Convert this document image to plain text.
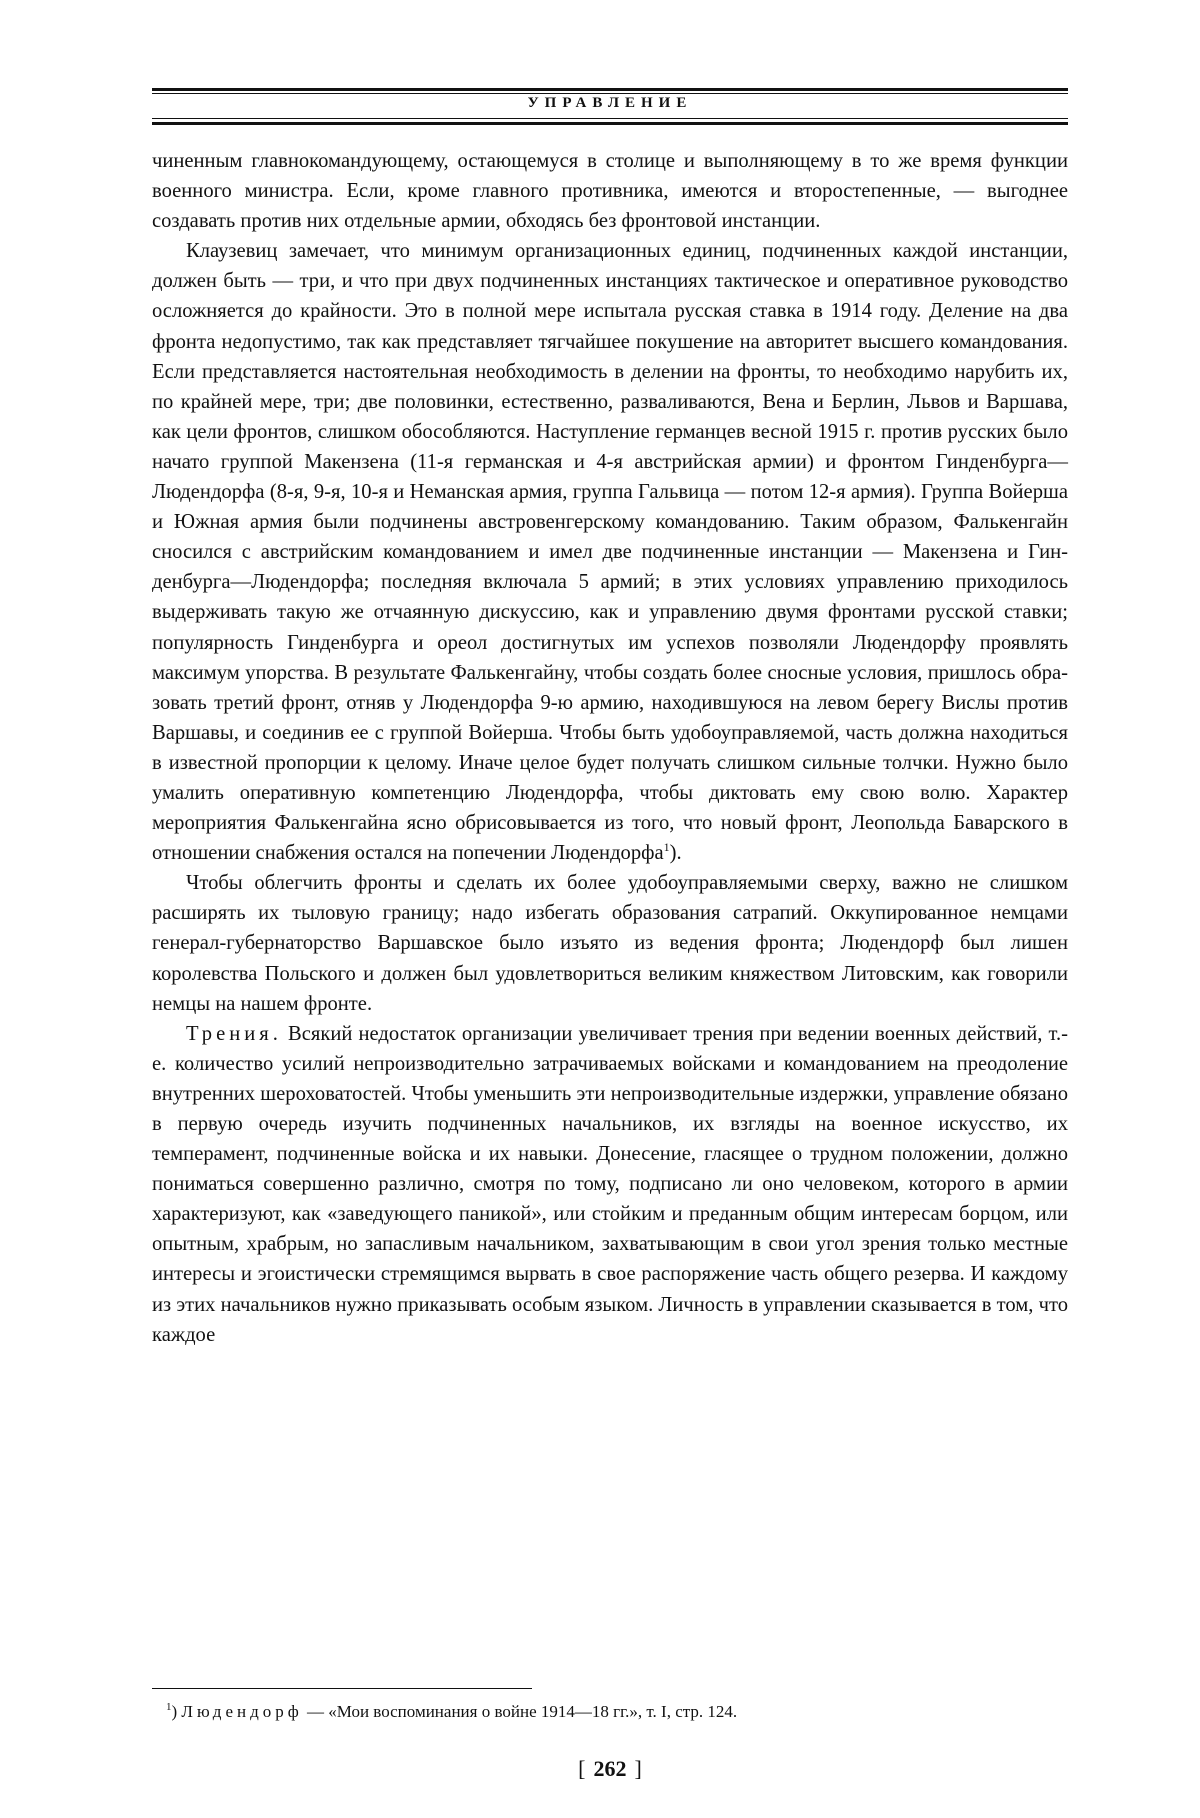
УПРАВЛЕНИЕ

чиненным главнокомандующему, остающемуся в столице и выполняющему в то же время функции военного министра. Если, кроме главного противника, имеются и второстепенные, — выгоднее создавать против них отдельные армии, обходясь без фронтовой инстанции.

Клаузевиц замечает, что минимум организационных единиц, подчиненных каждой инстанции, должен быть — три, и что при двух подчиненных инстанциях тактическое и оперативное руководство осложняется до крайности. Это в полной мере испытала русская ставка в 1914 году. Деление на два фронта недопустимо, так как представляет тягчайшее покушение на авторитет высшего командования. Если представляется настоятельная необходимость в делении на фронты, то необходимо нарубить их, по крайней мере, три; две половинки, естественно, разваливаются, Вена и Берлин, Львов и Варшава, как цели фронтов, слишком обособляются. Наступление германцев весной 1915 г. против русских было начато группой Макензена (11-я германская и 4-я австрийская армии) и фронтом Гинденбурга—Людендорфа (8-я, 9-я, 10-я и Неманская армия, группа Гальвица — потом 12-я армия). Группа Войерша и Южная армия были подчинены австровенгерскому командованию. Таким образом, Фалькенгайн сносился с австрийским командованием и имел две подчиненные инстанции — Макензена и Гинденбурга—Людендорфа; последняя включала 5 армий; в этих условиях управлению приходилось выдерживать такую же отчаянную дискуссию, как и управлению двумя фронтами русской ставки; популярность Гинденбурга и ореол достигнутых им успехов позволяли Людендорфу проявлять максимум упорства. В результате Фалькенгайну, чтобы создать более сносные условия, пришлось образовать третий фронт, отняв у Людендорфа 9-ю армию, находившуюся на левом берегу Вислы против Варшавы, и соединив ее с группой Войерша. Чтобы быть удобоуправляемой, часть должна находиться в известной пропорции к целому. Иначе целое будет получать слишком сильные толчки. Нужно было умалить оперативную компетенцию Людендорфа, чтобы диктовать ему свою волю. Характер мероприятия Фалькенгайна ясно обрисовывается из того, что новый фронт, Леопольда Баварского в отношении снабжения остался на попечении Людендорфа$^1$).

Чтобы облегчить фронты и сделать их более удобоуправляемыми сверху, важно не слишком расширять их тыловую границу; надо избегать образования сатрапий. Оккупированное немцами генерал-губернаторство Варшавское было изъято из ведения фронта; Людендорф был лишен королевства Польского и должен был удовлетвориться великим княжеством Литовским, как говорили немцы на нашем фронте.

Трения. Всякий недостаток организации увеличивает трения при ведении военных действий, т.-е. количество усилий непроизводительно затрачиваемых войсками и командованием на преодоление внутренних шероховатостей. Чтобы уменьшить эти непроизводительные издержки, управление обязано в первую очередь изучить подчиненных начальников, их взгляды на военное искусство, их темперамент, подчиненные войска и их навыки. Донесение, гласящее о трудном положении, должно пониматься совершенно различно, смотря по тому, подписано ли оно человеком, которого в армии характеризуют, как «заведующего паникой», или стойким и преданным общим интересам борцом, или опытным, храбрым, но запасливым начальником, захватывающим в свои угол зрения только местные интересы и эгоистически стремящимся вырвать в свое распоряжение часть общего резерва. И каждому из этих начальников нужно приказывать особым языком. Личность в управлении сказывается в том, что каждое

$^1$) Людендорф — «Мои воспоминания о войне 1914—18 гг.», т. I, стр. 124.
[ 262 ]
